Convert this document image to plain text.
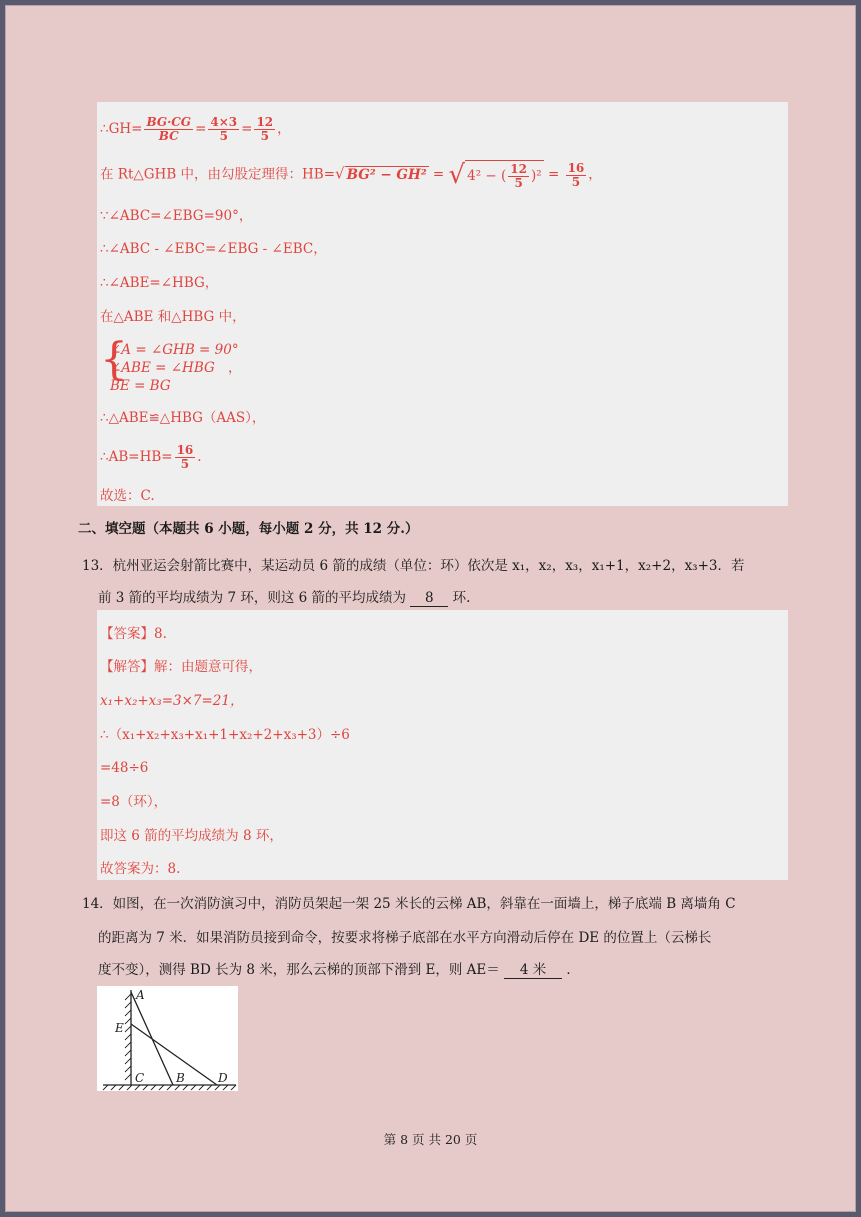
∴GH= $\frac{BG\cdot CG}{BC} = \frac{4\times 3}{5} = \frac{12}{5}$ ，
在 Rt△GHB 中，由勾股定理得：HB=√ BG² − GH² = √ 4² − ( $\frac{12}{5} )^2 = \frac{16}{5}$ ，
∵∠ABC=∠EBG=90°，
∴∠ABC - ∠EBC=∠EBG - ∠EBC，
∴∠ABE=∠HBG，
在△ABE 和△HBG 中，
{
∠A = ∠GHB = 90°
∠ABE = ∠HBG
BE = BG
，
∴△ABE≌△HBG（AAS），
∴AB=HB= $\frac{16}{5}$ .
故选：C.
二、填空题（本题共 6 小题，每小题 2 分，共 12 分.）
13．杭州亚运会射箭比赛中，某运动员 6 箭的成绩（单位：环）依次是 x₁，x₂，x₃，x₁+1，x₂+2，x₃+3．若
前 3 箭的平均成绩为 7 环，则这 6 箭的平均成绩为 8 环.
【答案】8.
【解答】解：由题意可得，
x₁+x₂+x₃=3×7=21，
∴（x₁+x₂+x₃+x₁+1+x₂+2+x₃+3）÷6
=48÷6
=8（环），
即这 6 箭的平均成绩为 8 环，
故答案为：8.
14．如图，在一次消防演习中，消防员架起一架 25 米长的云梯 AB，斜靠在一面墙上，梯子底端 B 离墙角 C
的距离为 7 米．如果消防员接到命令，按要求将梯子底部在水平方向滑动后停在 DE 的位置上（云梯长
度不变），测得 BD 长为 8 米，那么云梯的顶部下滑到 E，则 AE＝ 4 米 ．
A
E
C	B	D
第 8 页 共 20 页
